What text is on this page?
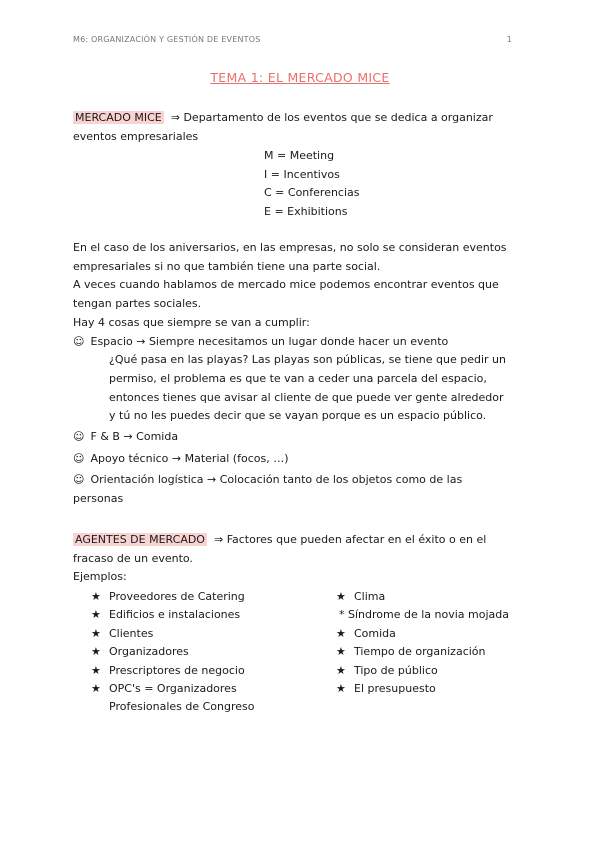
M6: ORGANIZACIÓN Y GESTIÓN DE EVENTOS	1
TEMA 1: EL MERCADO MICE
MERCADO MICE ⇒ Departamento de los eventos que se dedica a organizar
eventos empresariales
M = Meeting
I = Incentivos
C = Conferencias
E = Exhibitions
En el caso de los aniversarios, en las empresas, no solo se consideran eventos
empresariales si no que también tiene una parte social.
A veces cuando hablamos de mercado mice podemos encontrar eventos que
tengan partes sociales.
Hay 4 cosas que siempre se van a cumplir:
☺ Espacio → Siempre necesitamos un lugar donde hacer un evento
¿Qué pasa en las playas? Las playas son públicas, se tiene que pedir un
permiso, el problema es que te van a ceder una parcela del espacio,
entonces tienes que avisar al cliente de que puede ver gente alrededor
y tú no les puedes decir que se vayan porque es un espacio público.
☺ F & B → Comida
☺ Apoyo técnico → Material (focos, …)
☺ Orientación logística → Colocación tanto de los objetos como de las
personas
AGENTES DE MERCADO ⇒ Factores que pueden afectar en el éxito o en el
fracaso de un evento.
Ejemplos:
★ Proveedores de Catering
★ Edificios e instalaciones
★ Clientes
★ Organizadores
★ Prescriptores de negocio
★ OPC's = Organizadores
Profesionales de Congreso
★ Clima
* Síndrome de la novia mojada
★ Comida
★ Tiempo de organización
★ Tipo de público
★ El presupuesto
